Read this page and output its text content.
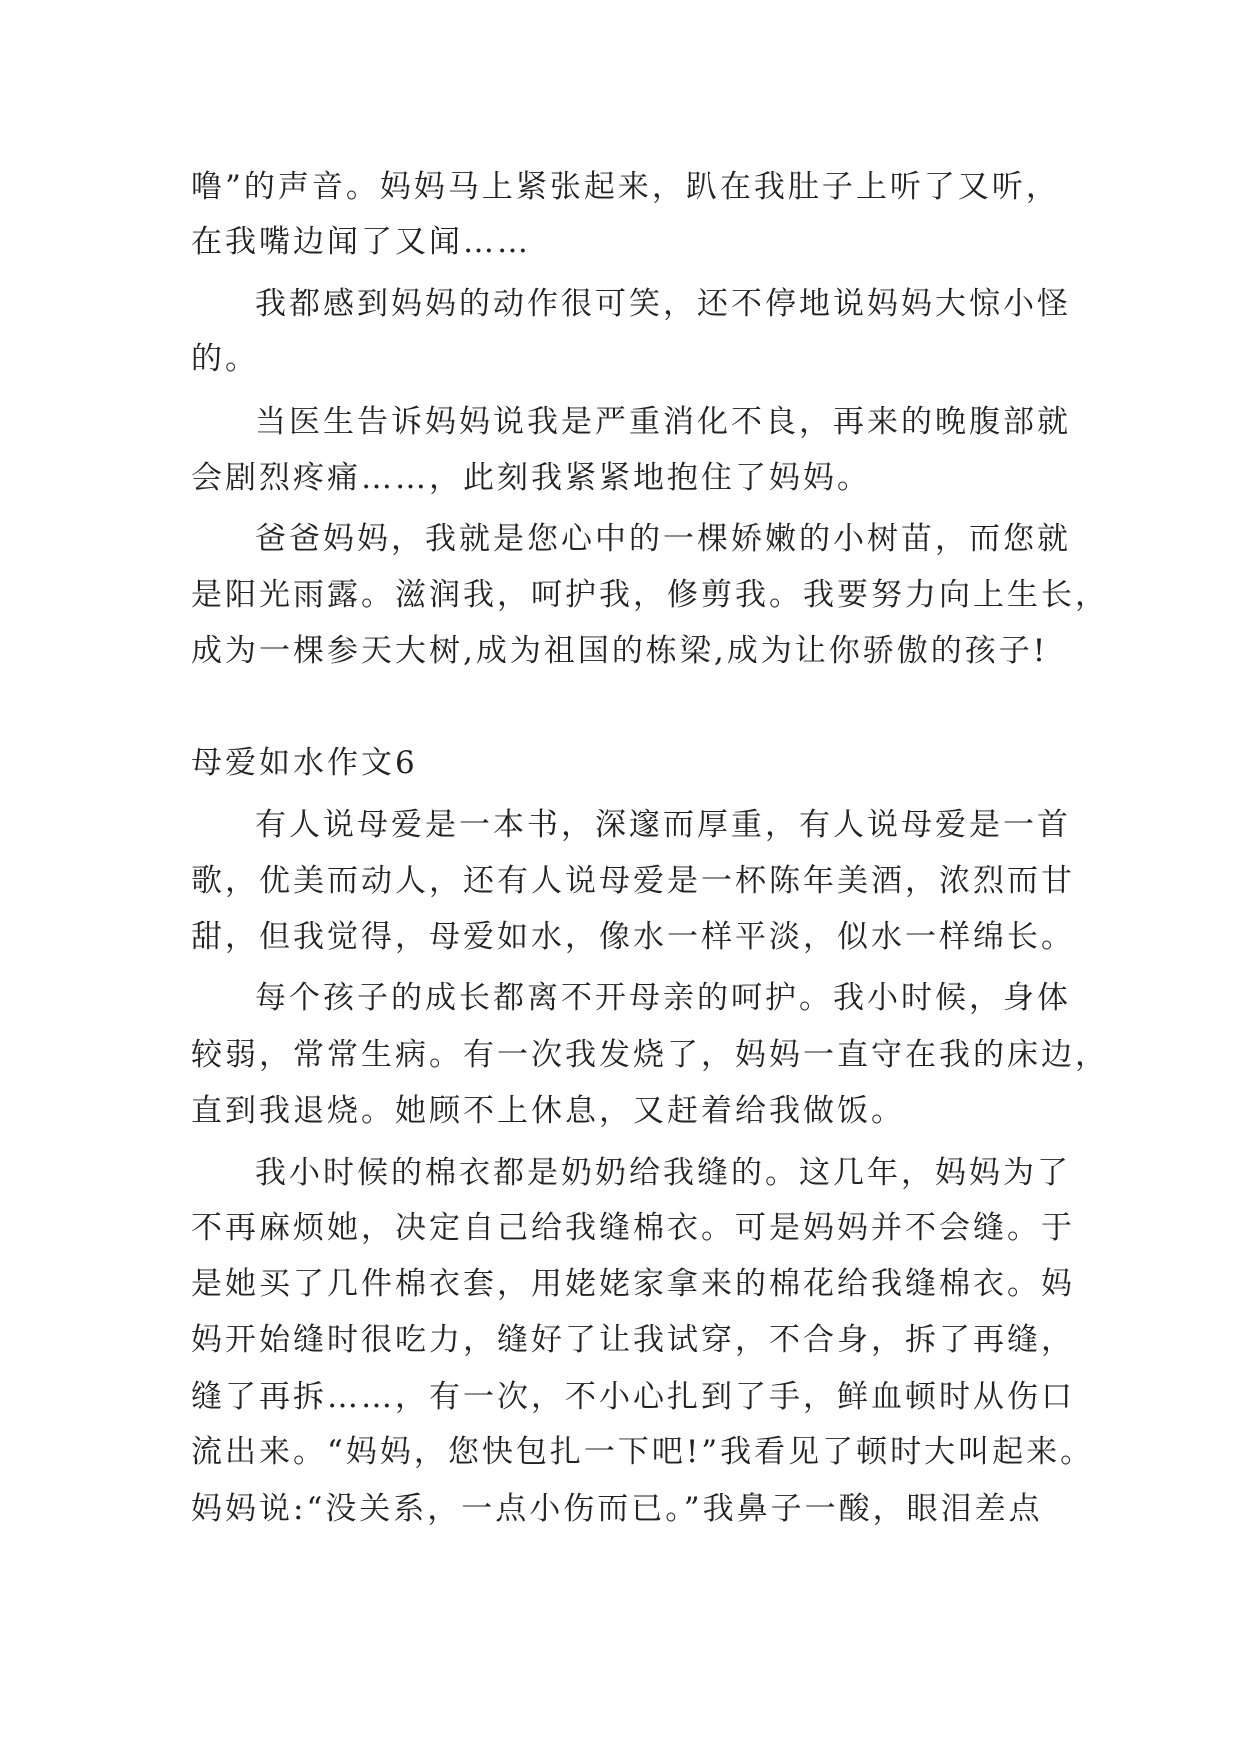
噜”的声音。妈妈马上紧张起来，趴在我肚子上听了又听，
在我嘴边闻了又闻……
我都感到妈妈的动作很可笑，还不停地说妈妈大惊小怪
的。
当医生告诉妈妈说我是严重消化不良，再来的晚腹部就
会剧烈疼痛……，此刻我紧紧地抱住了妈妈。
爸爸妈妈，我就是您心中的一棵娇嫩的小树苗，而您就
是阳光雨露。滋润我，呵护我，修剪我。我要努力向上生长，
成为一棵参天大树,成为祖国的栋梁,成为让你骄傲的孩子!
母爱如水作文6
有人说母爱是一本书，深邃而厚重，有人说母爱是一首
歌，优美而动人，还有人说母爱是一杯陈年美酒，浓烈而甘
甜，但我觉得，母爱如水，像水一样平淡，似水一样绵长。
每个孩子的成长都离不开母亲的呵护。我小时候，身体
较弱，常常生病。有一次我发烧了，妈妈一直守在我的床边，
直到我退烧。她顾不上休息，又赶着给我做饭。
我小时候的棉衣都是奶奶给我缝的。这几年，妈妈为了
不再麻烦她，决定自己给我缝棉衣。可是妈妈并不会缝。于
是她买了几件棉衣套，用姥姥家拿来的棉花给我缝棉衣。妈
妈开始缝时很吃力，缝好了让我试穿，不合身，拆了再缝，
缝了再拆……，有一次，不小心扎到了手，鲜血顿时从伤口
流出来。“妈妈，您快包扎一下吧!”我看见了顿时大叫起来。
妈妈说:“没关系，一点小伤而已。”我鼻子一酸，眼泪差点
